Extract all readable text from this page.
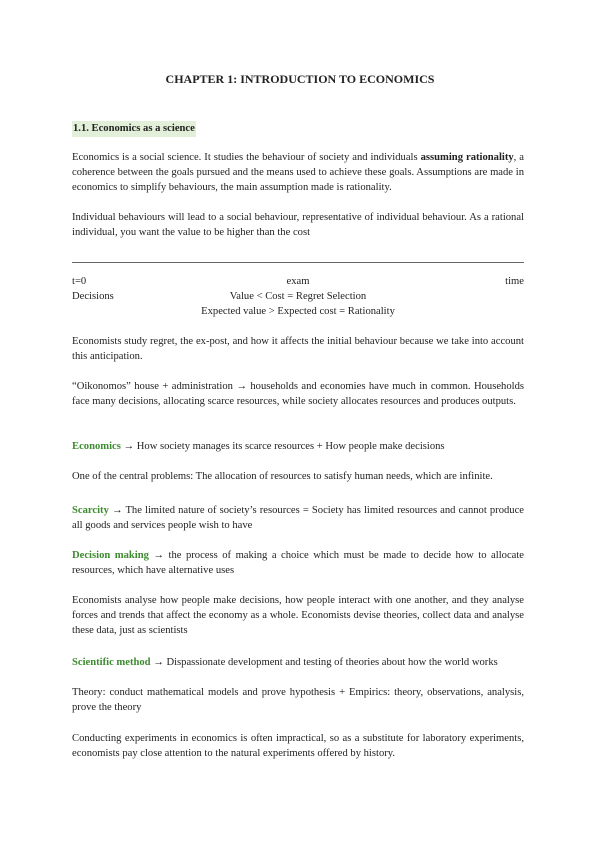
CHAPTER 1: INTRODUCTION TO ECONOMICS
1.1. Economics as a science
Economics is a social science. It studies the behaviour of society and individuals assuming rationality, a coherence between the goals pursued and the means used to achieve these goals. Assumptions are made in economics to simplify behaviours, the main assumption made is rationality.
Individual behaviours will lead to a social behaviour, representative of individual behaviour. As a rational individual, you want the value to be higher than the cost
t=0	exam	time
Decisions	Value < Cost = Regret Selection
Expected value > Expected cost = Rationality
Economists study regret, the ex-post, and how it affects the initial behaviour because we take into account this anticipation.
“Oikonomos” house + administration → households and economies have much in common. Households face many decisions, allocating scarce resources, while society allocates resources and produces outputs.
Economics → How society manages its scarce resources + How people make decisions
One of the central problems: The allocation of resources to satisfy human needs, which are infinite.
Scarcity → The limited nature of society’s resources = Society has limited resources and cannot produce all goods and services people wish to have
Decision making → the process of making a choice which must be made to decide how to allocate resources, which have alternative uses
Economists analyse how people make decisions, how people interact with one another, and they analyse forces and trends that affect the economy as a whole. Economists devise theories, collect data and analyse these data, just as scientists
Scientific method → Dispassionate development and testing of theories about how the world works
Theory: conduct mathematical models and prove hypothesis + Empirics: theory, observations, analysis, prove the theory
Conducting experiments in economics is often impractical, so as a substitute for laboratory experiments, economists pay close attention to the natural experiments offered by history.
